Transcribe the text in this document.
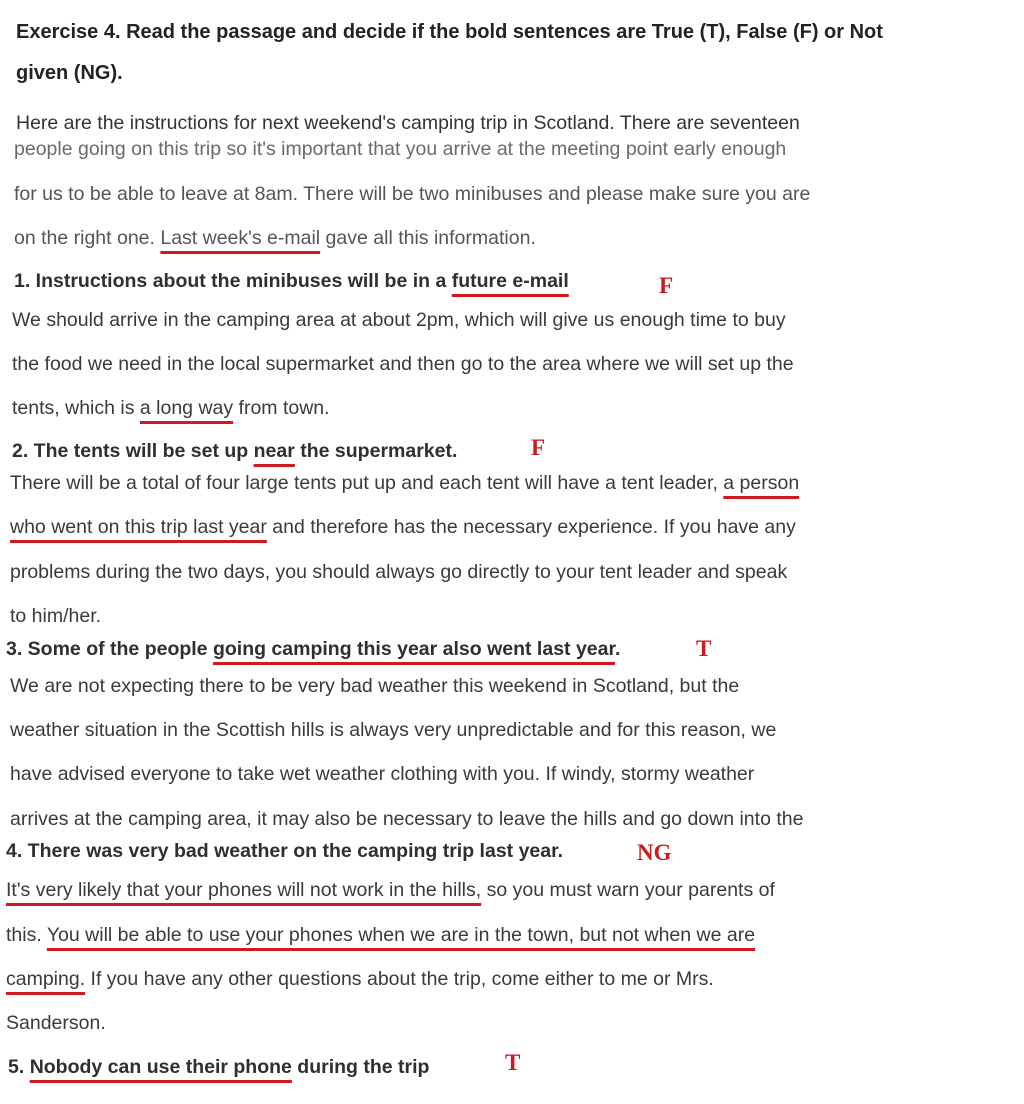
Exercise 4. Read the passage and decide if the bold sentences are True (T), False (F) or Not
given (NG).
Here are the instructions for next weekend's camping trip in Scotland. There are seventeen
people going on this trip so it's important that you arrive at the meeting point early enough
for us to be able to leave at 8am. There will be two minibuses and please make sure you are
on the right one. Last week's e-mail gave all this information.
1. Instructions about the minibuses will be in a future e-mail	F
We should arrive in the camping area at about 2pm, which will give us enough time to buy
the food we need in the local supermarket and then go to the area where we will set up the
tents, which is a long way from town.
2. The tents will be set up near the supermarket.	F
There will be a total of four large tents put up and each tent will have a tent leader, a person
who went on this trip last year and therefore has the necessary experience. If you have any
problems during the two days, you should always go directly to your tent leader and speak
to him/her.
3. Some of the people going camping this year also went last year.	T
We are not expecting there to be very bad weather this weekend in Scotland, but the
weather situation in the Scottish hills is always very unpredictable and for this reason, we
have advised everyone to take wet weather clothing with you. If windy, stormy weather
arrives at the camping area, it may also be necessary to leave the hills and go down into the
4. There was very bad weather on the camping trip last year.	NG
It's very likely that your phones will not work in the hills, so you must warn your parents of
this. You will be able to use your phones when we are in the town, but not when we are
camping. If you have any other questions about the trip, come either to me or Mrs.
Sanderson.
5. Nobody can use their phone during the trip	T
